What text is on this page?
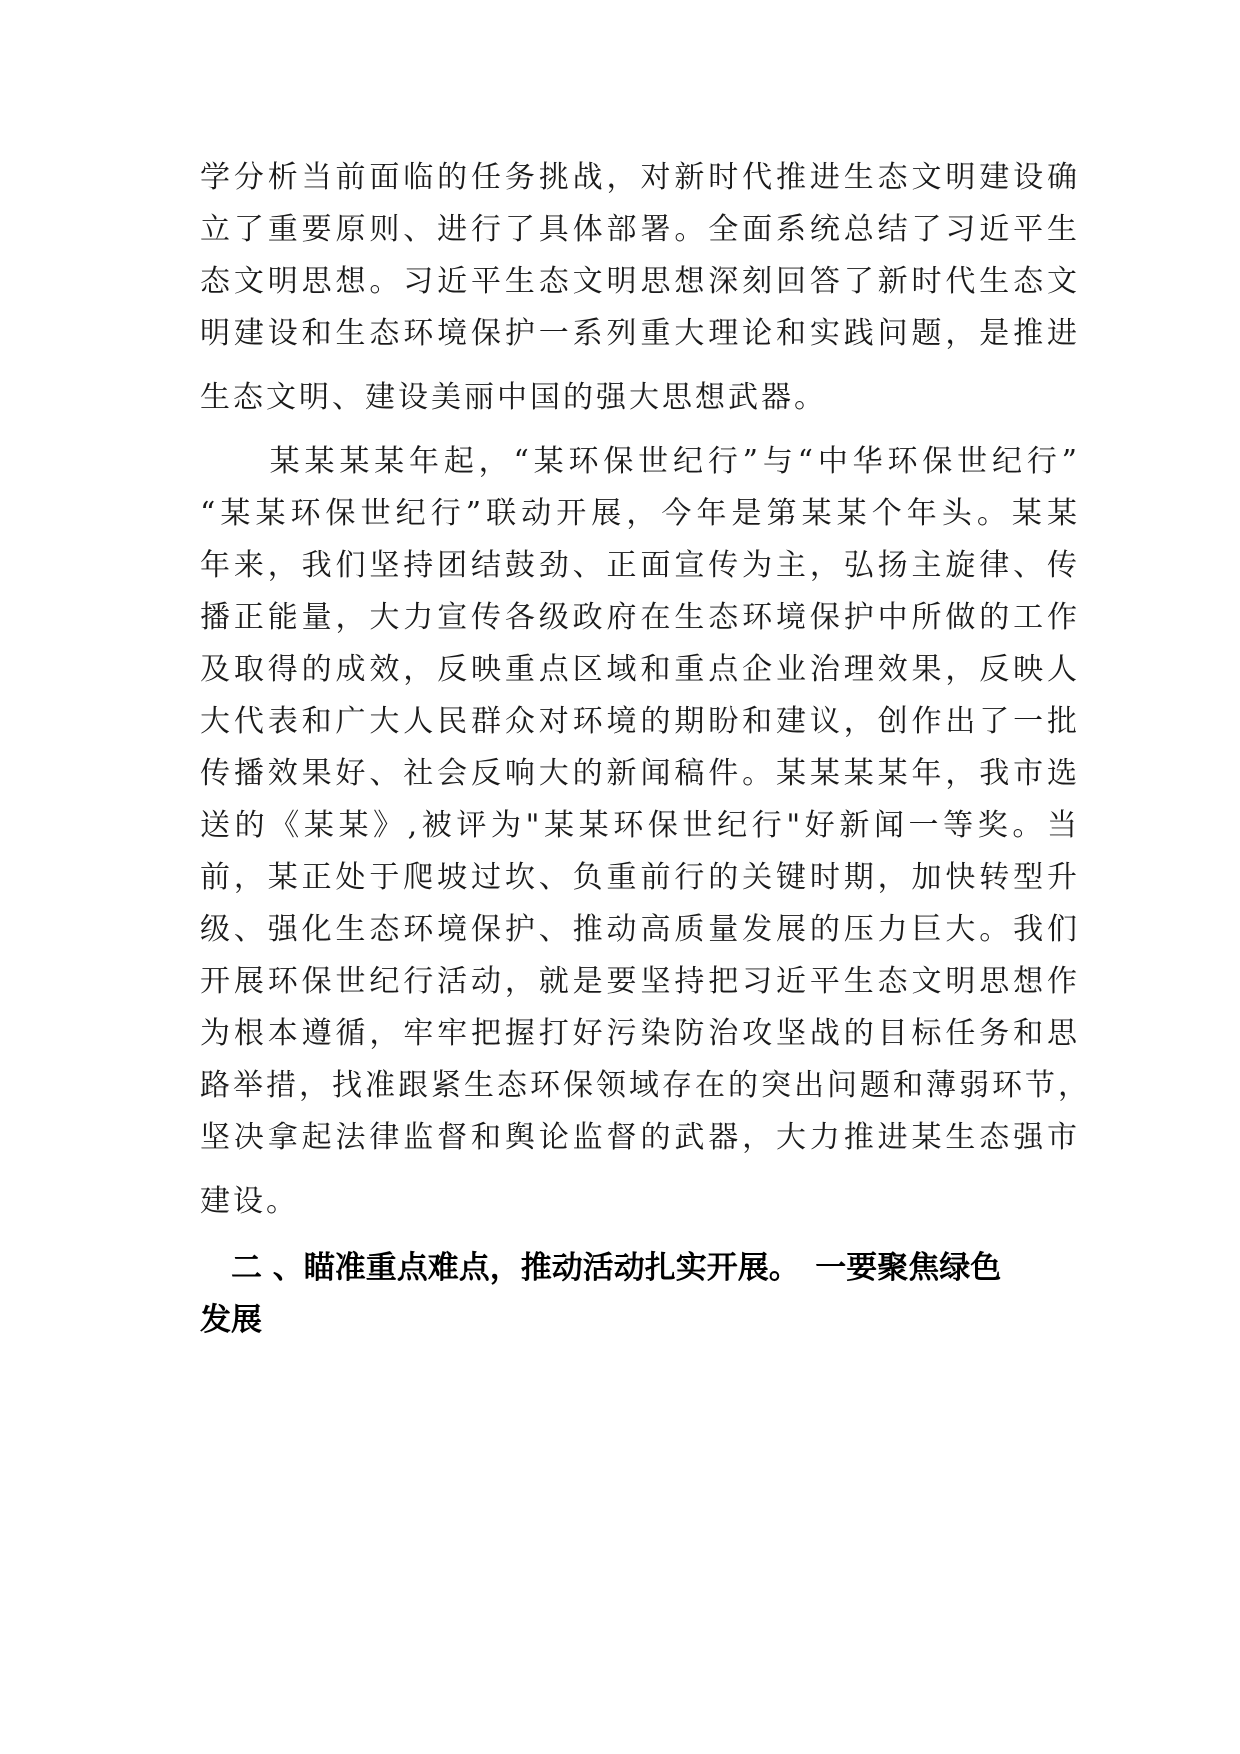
学分析当前面临的任务挑战，对新时代推进生态文明建设确
立了重要原则、进行了具体部署。全面系统总结了习近平生
态文明思想。习近平生态文明思想深刻回答了新时代生态文
明建设和生态环境保护一系列重大理论和实践问题，是推进
生态文明、建设美丽中国的强大思想武器。
　　某某某某年起，“某环保世纪行”与“中华环保世纪行”
“某某环保世纪行”联动开展，今年是第某某个年头。某某
年来，我们坚持团结鼓劲、正面宣传为主，弘扬主旋律、传
播正能量，大力宣传各级政府在生态环境保护中所做的工作
及取得的成效，反映重点区域和重点企业治理效果，反映人
大代表和广大人民群众对环境的期盼和建议，创作出了一批
传播效果好、社会反响大的新闻稿件。某某某某年，我市选
送的《某某》,被评为"某某环保世纪行"好新闻一等奖。当
前，某正处于爬坡过坎、负重前行的关键时期，加快转型升
级、强化生态环境保护、推动高质量发展的压力巨大。我们
开展环保世纪行活动，就是要坚持把习近平生态文明思想作
为根本遵循，牢牢把握打好污染防治攻坚战的目标任务和思
路举措，找准跟紧生态环保领域存在的突出问题和薄弱环节，
坚决拿起法律监督和舆论监督的武器，大力推进某生态强市
建设。
　二 、瞄准重点难点，推动活动扎实开展。　一要聚焦绿色
发展
